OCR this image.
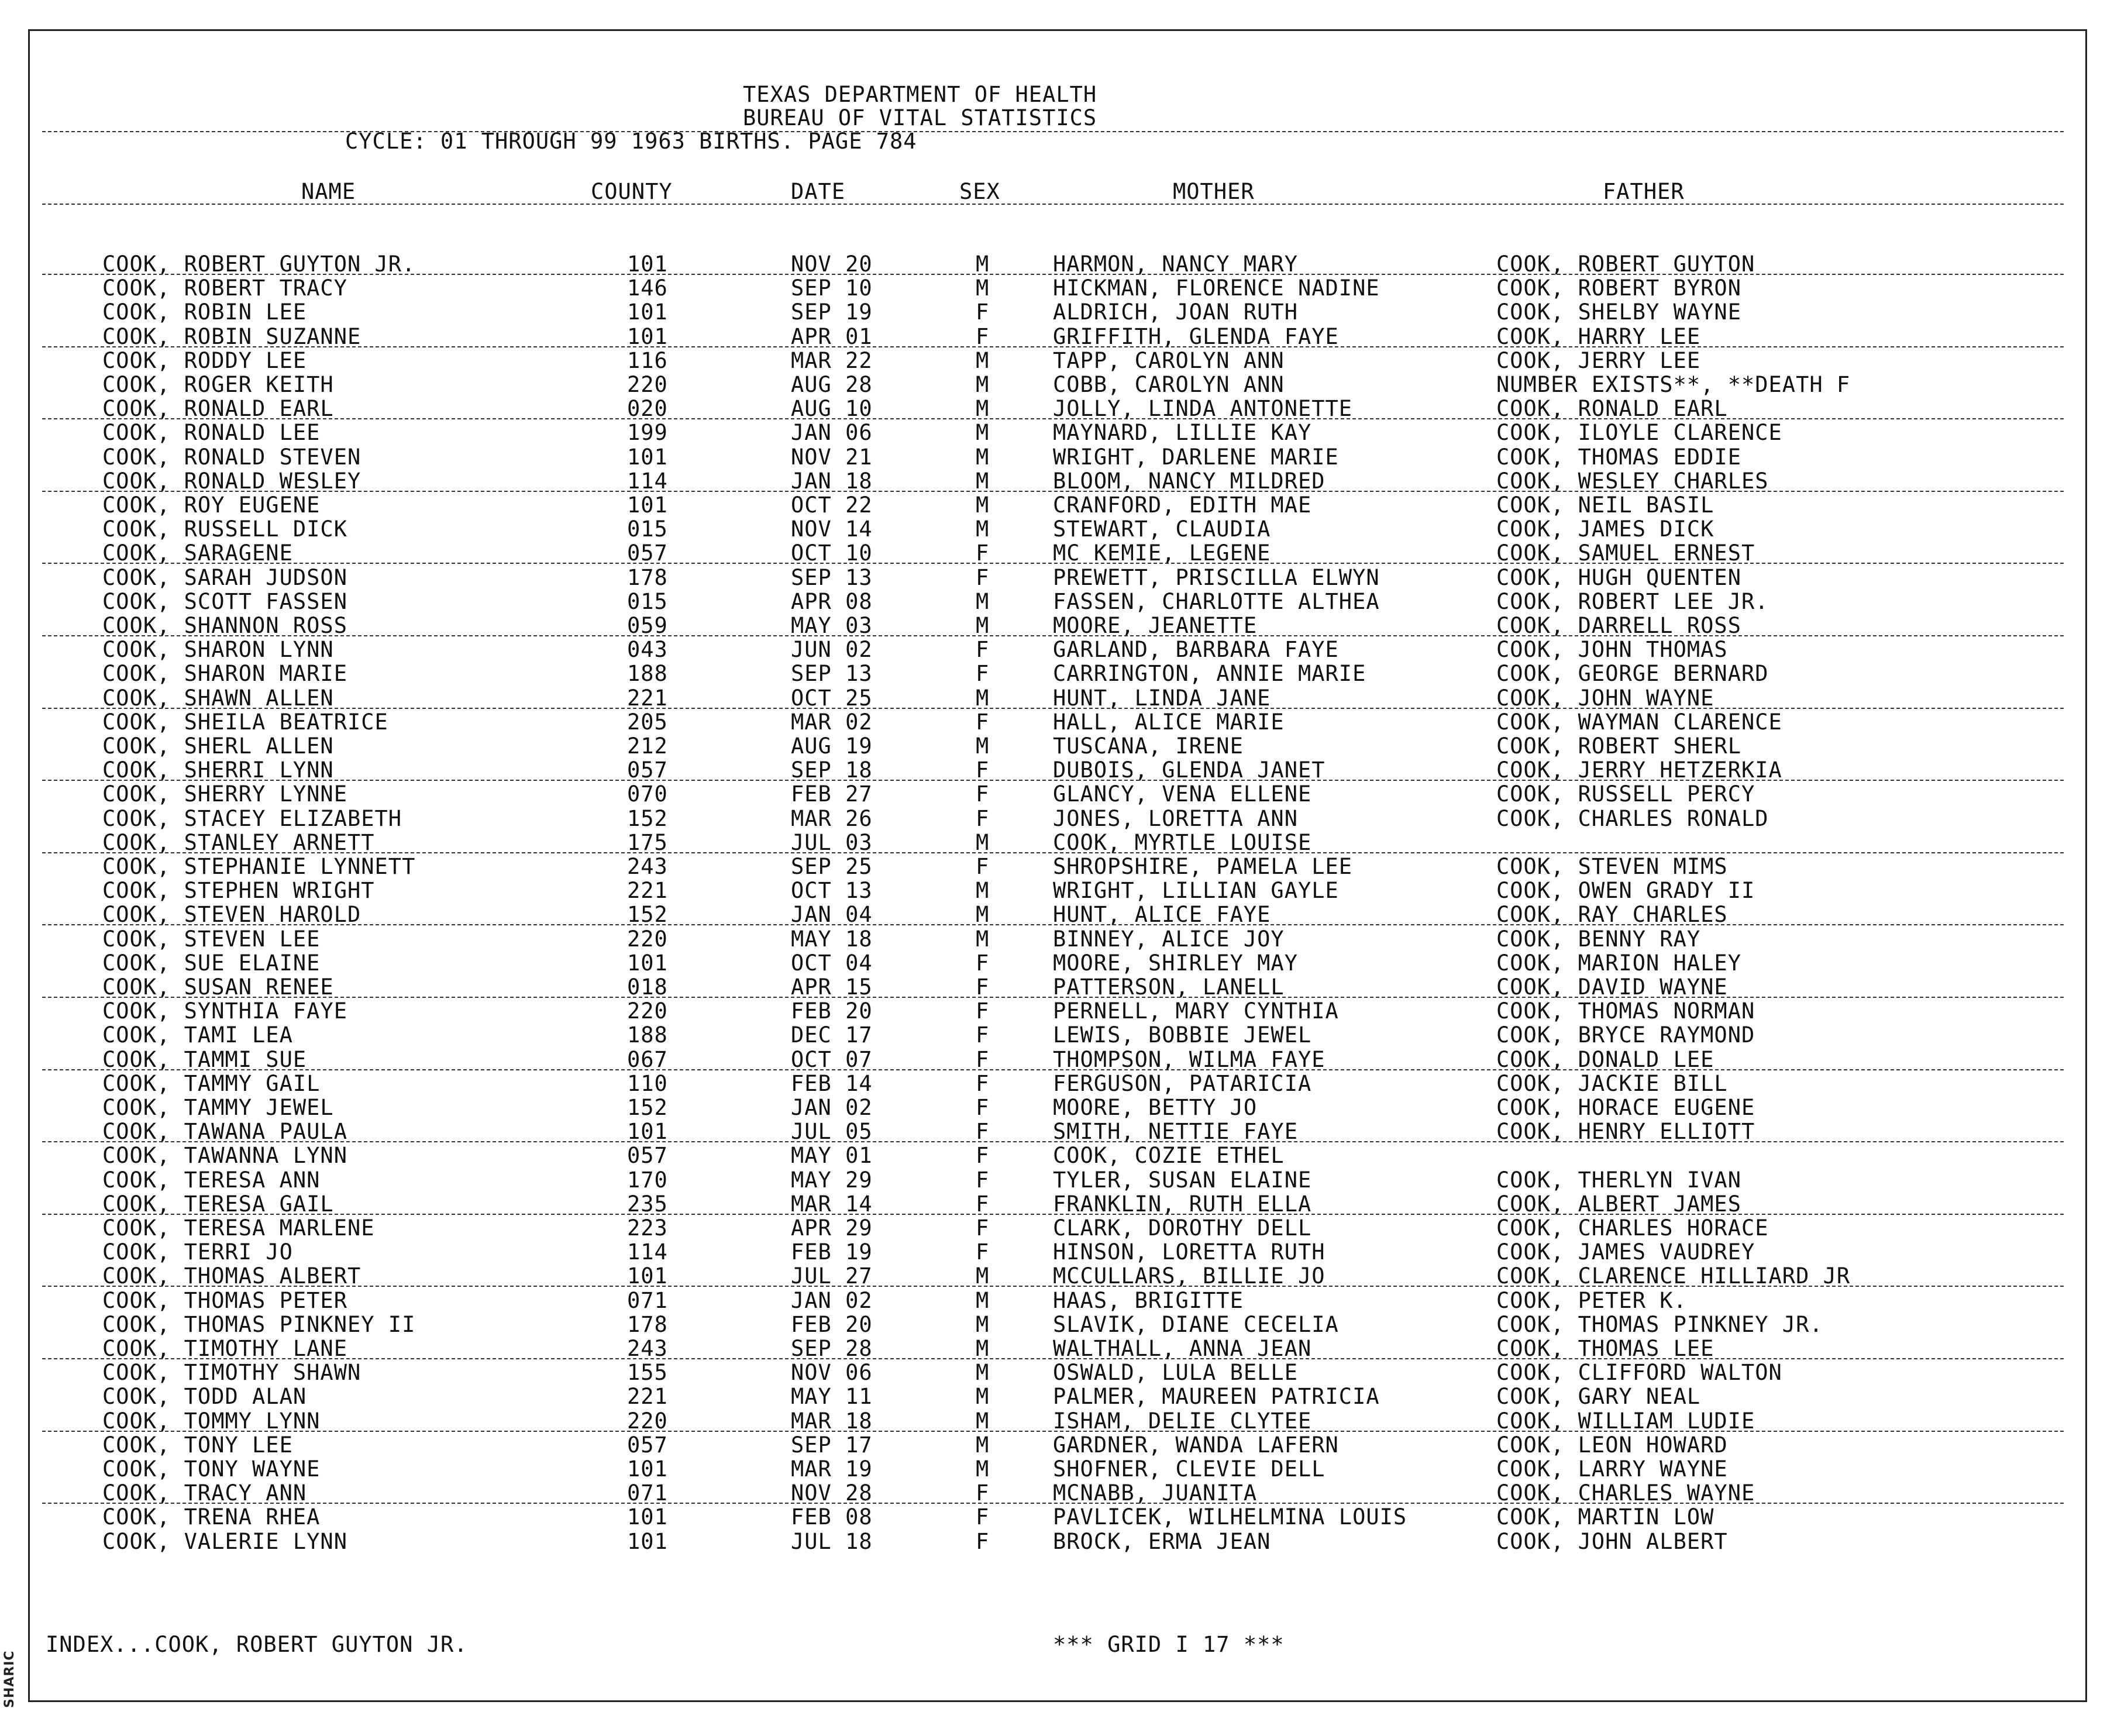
SHARIC
TEXAS DEPARTMENT OF HEALTH
BUREAU OF VITAL STATISTICS
CYCLE: 01 THROUGH 99 1963 BIRTHS. PAGE 784
NAME	COUNTY	DATE	SEX	MOTHER	FATHER
COOK, ROBERT GUYTON JR.	101	NOV 20	M	HARMON, NANCY MARY	COOK, ROBERT GUYTON
COOK, ROBERT TRACY	146	SEP 10	M	HICKMAN, FLORENCE NADINE	COOK, ROBERT BYRON
COOK, ROBIN LEE	101	SEP 19	F	ALDRICH, JOAN RUTH	COOK, SHELBY WAYNE
COOK, ROBIN SUZANNE	101	APR 01	F	GRIFFITH, GLENDA FAYE	COOK, HARRY LEE
COOK, RODDY LEE	116	MAR 22	M	TAPP, CAROLYN ANN	COOK, JERRY LEE
COOK, ROGER KEITH	220	AUG 28	M	COBB, CAROLYN ANN	NUMBER EXISTS**, **DEATH F
COOK, RONALD EARL	020	AUG 10	M	JOLLY, LINDA ANTONETTE	COOK, RONALD EARL
COOK, RONALD LEE	199	JAN 06	M	MAYNARD, LILLIE KAY	COOK, ILOYLE CLARENCE
COOK, RONALD STEVEN	101	NOV 21	M	WRIGHT, DARLENE MARIE	COOK, THOMAS EDDIE
COOK, RONALD WESLEY	114	JAN 18	M	BLOOM, NANCY MILDRED	COOK, WESLEY CHARLES
COOK, ROY EUGENE	101	OCT 22	M	CRANFORD, EDITH MAE	COOK, NEIL BASIL
COOK, RUSSELL DICK	015	NOV 14	M	STEWART, CLAUDIA	COOK, JAMES DICK
COOK, SARAGENE	057	OCT 10	F	MC KEMIE, LEGENE	COOK, SAMUEL ERNEST
COOK, SARAH JUDSON	178	SEP 13	F	PREWETT, PRISCILLA ELWYN	COOK, HUGH QUENTEN
COOK, SCOTT FASSEN	015	APR 08	M	FASSEN, CHARLOTTE ALTHEA	COOK, ROBERT LEE JR.
COOK, SHANNON ROSS	059	MAY 03	M	MOORE, JEANETTE	COOK, DARRELL ROSS
COOK, SHARON LYNN	043	JUN 02	F	GARLAND, BARBARA FAYE	COOK, JOHN THOMAS
COOK, SHARON MARIE	188	SEP 13	F	CARRINGTON, ANNIE MARIE	COOK, GEORGE BERNARD
COOK, SHAWN ALLEN	221	OCT 25	M	HUNT, LINDA JANE	COOK, JOHN WAYNE
COOK, SHEILA BEATRICE	205	MAR 02	F	HALL, ALICE MARIE	COOK, WAYMAN CLARENCE
COOK, SHERL ALLEN	212	AUG 19	M	TUSCANA, IRENE	COOK, ROBERT SHERL
COOK, SHERRI LYNN	057	SEP 18	F	DUBOIS, GLENDA JANET	COOK, JERRY HETZERKIA
COOK, SHERRY LYNNE	070	FEB 27	F	GLANCY, VENA ELLENE	COOK, RUSSELL PERCY
COOK, STACEY ELIZABETH	152	MAR 26	F	JONES, LORETTA ANN	COOK, CHARLES RONALD
COOK, STANLEY ARNETT	175	JUL 03	M	COOK, MYRTLE LOUISE
COOK, STEPHANIE LYNNETT	243	SEP 25	F	SHROPSHIRE, PAMELA LEE	COOK, STEVEN MIMS
COOK, STEPHEN WRIGHT	221	OCT 13	M	WRIGHT, LILLIAN GAYLE	COOK, OWEN GRADY II
COOK, STEVEN HAROLD	152	JAN 04	M	HUNT, ALICE FAYE	COOK, RAY CHARLES
COOK, STEVEN LEE	220	MAY 18	M	BINNEY, ALICE JOY	COOK, BENNY RAY
COOK, SUE ELAINE	101	OCT 04	F	MOORE, SHIRLEY MAY	COOK, MARION HALEY
COOK, SUSAN RENEE	018	APR 15	F	PATTERSON, LANELL	COOK, DAVID WAYNE
COOK, SYNTHIA FAYE	220	FEB 20	F	PERNELL, MARY CYNTHIA	COOK, THOMAS NORMAN
COOK, TAMI LEA	188	DEC 17	F	LEWIS, BOBBIE JEWEL	COOK, BRYCE RAYMOND
COOK, TAMMI SUE	067	OCT 07	F	THOMPSON, WILMA FAYE	COOK, DONALD LEE
COOK, TAMMY GAIL	110	FEB 14	F	FERGUSON, PATARICIA	COOK, JACKIE BILL
COOK, TAMMY JEWEL	152	JAN 02	F	MOORE, BETTY JO	COOK, HORACE EUGENE
COOK, TAWANA PAULA	101	JUL 05	F	SMITH, NETTIE FAYE	COOK, HENRY ELLIOTT
COOK, TAWANNA LYNN	057	MAY 01	F	COOK, COZIE ETHEL
COOK, TERESA ANN	170	MAY 29	F	TYLER, SUSAN ELAINE	COOK, THERLYN IVAN
COOK, TERESA GAIL	235	MAR 14	F	FRANKLIN, RUTH ELLA	COOK, ALBERT JAMES
COOK, TERESA MARLENE	223	APR 29	F	CLARK, DOROTHY DELL	COOK, CHARLES HORACE
COOK, TERRI JO	114	FEB 19	F	HINSON, LORETTA RUTH	COOK, JAMES VAUDREY
COOK, THOMAS ALBERT	101	JUL 27	M	MCCULLARS, BILLIE JO	COOK, CLARENCE HILLIARD JR
COOK, THOMAS PETER	071	JAN 02	M	HAAS, BRIGITTE	COOK, PETER K.
COOK, THOMAS PINKNEY II	178	FEB 20	M	SLAVIK, DIANE CECELIA	COOK, THOMAS PINKNEY JR.
COOK, TIMOTHY LANE	243	SEP 28	M	WALTHALL, ANNA JEAN	COOK, THOMAS LEE
COOK, TIMOTHY SHAWN	155	NOV 06	M	OSWALD, LULA BELLE	COOK, CLIFFORD WALTON
COOK, TODD ALAN	221	MAY 11	M	PALMER, MAUREEN PATRICIA	COOK, GARY NEAL
COOK, TOMMY LYNN	220	MAR 18	M	ISHAM, DELIE CLYTEE	COOK, WILLIAM LUDIE
COOK, TONY LEE	057	SEP 17	M	GARDNER, WANDA LAFERN	COOK, LEON HOWARD
COOK, TONY WAYNE	101	MAR 19	M	SHOFNER, CLEVIE DELL	COOK, LARRY WAYNE
COOK, TRACY ANN	071	NOV 28	F	MCNABB, JUANITA	COOK, CHARLES WAYNE
COOK, TRENA RHEA	101	FEB 08	F	PAVLICEK, WILHELMINA LOUIS	COOK, MARTIN LOW
COOK, VALERIE LYNN	101	JUL 18	F	BROCK, ERMA JEAN	COOK, JOHN ALBERT
INDEX...COOK, ROBERT GUYTON JR.	*** GRID I 17 ***
